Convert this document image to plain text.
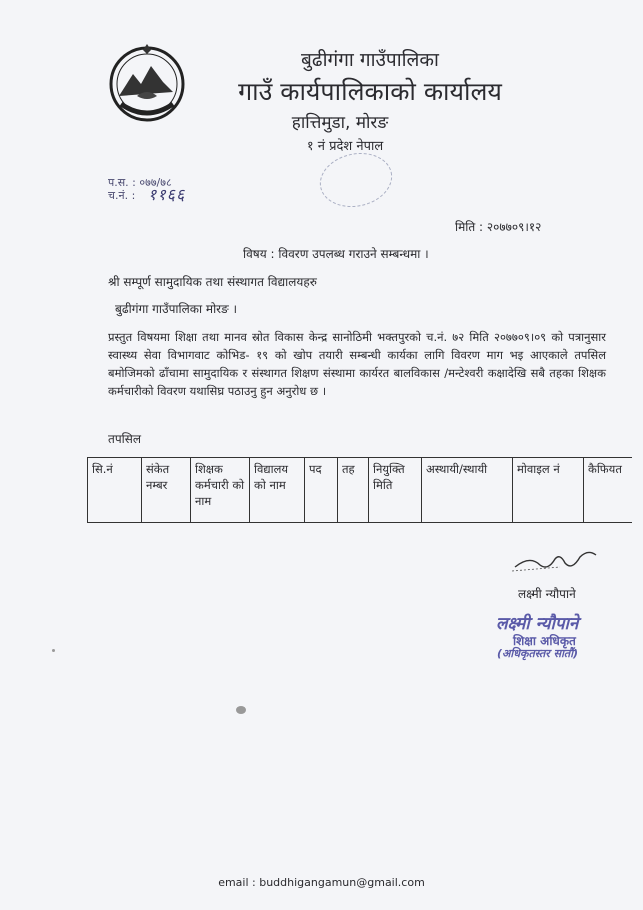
बुढीगंगा गाउँपालिका
गाउँ कार्यपालिकाको कार्यालय
हात्तिमुडा, मोरङ
१ नं प्रदेश नेपाल
प.स. : ०७७/७८
च.नं. : ११६६
मिति : २०७७०९।१२
विषय : विवरण उपलब्ध गराउने सम्बन्धमा ।
श्री सम्पूर्ण सामुदायिक तथा संस्थागत विद्यालयहरु
बुढीगंगा गाउँपालिका मोरङ ।
प्रस्तुत विषयमा शिक्षा तथा मानव स्रोत विकास केन्द्र सानोठिमी भक्तपुरको च.नं. ७२ मिति २०७७०९।०९ को पत्रानुसार स्वास्थ्य सेवा विभागवाट कोभिड- १९ को खोप तयारी सम्बन्धी कार्यका लागि विवरण माग भइ आएकाले तपसिल बमोजिमको ढाँचामा सामुदायिक र संस्थागत शिक्षण संस्थामा कार्यरत बालविकास /मन्टेश्वरी कक्षादेखि सबै तहका शिक्षक कर्मचारीको विवरण यथासिघ्र पठाउनु हुन अनुरोध छ ।
तपसिल
सि.नं	संकेत नम्बर	शिक्षक कर्मचारी को नाम	विद्यालय को नाम	पद	तह	नियुक्ति मिति	अस्थायी/स्थायी	मोवाइल नं	कैफियत
लक्ष्मी न्यौपाने
लक्ष्मी न्यौपाने
शिक्षा अधिकृत
(अधिकृतस्तर सातौं)
email : buddhigangamun@gmail.com
